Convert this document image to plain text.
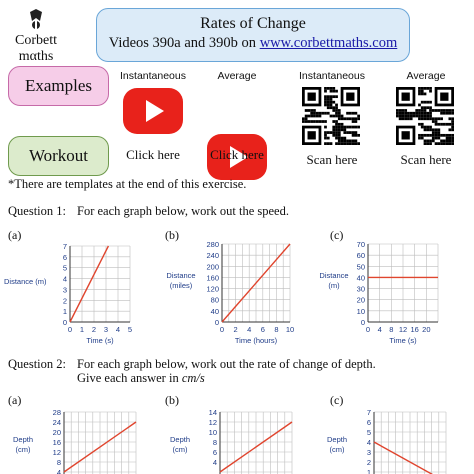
Corbett
mαths
Rates of Change
Videos 390a and 390b on www.corbettmaths.com
Examples
Workout
Instantaneous	Average	Instantaneous	Average
Click here	Click here	Scan here	Scan here
*There are templates at the end of this exercise.
Question 1: For each graph below, work out the speed.
(a)	(b)	(c)
0
1
2
3
4
5
6
7
0 1 2 3 4 5
Time (s)
Distance (m)
0
40
80
120
160
200
240
280
0 2 4 6 8 10
Time (hours)
Distance
(miles)
0
10
20
30
40
50
60
70
0 4 8 12 16 20
Time (s)
Distance
(m)
Question 2: For each graph below, work out the rate of change of depth.
Give each answer in cm/s
(a)	(b)	(c)
4
8
12
16
20
24
28
Depth
(cm)
4
6
8
10
12
14
Depth
(cm)
1
2
3
4
5
6
7
Depth
(cm)
